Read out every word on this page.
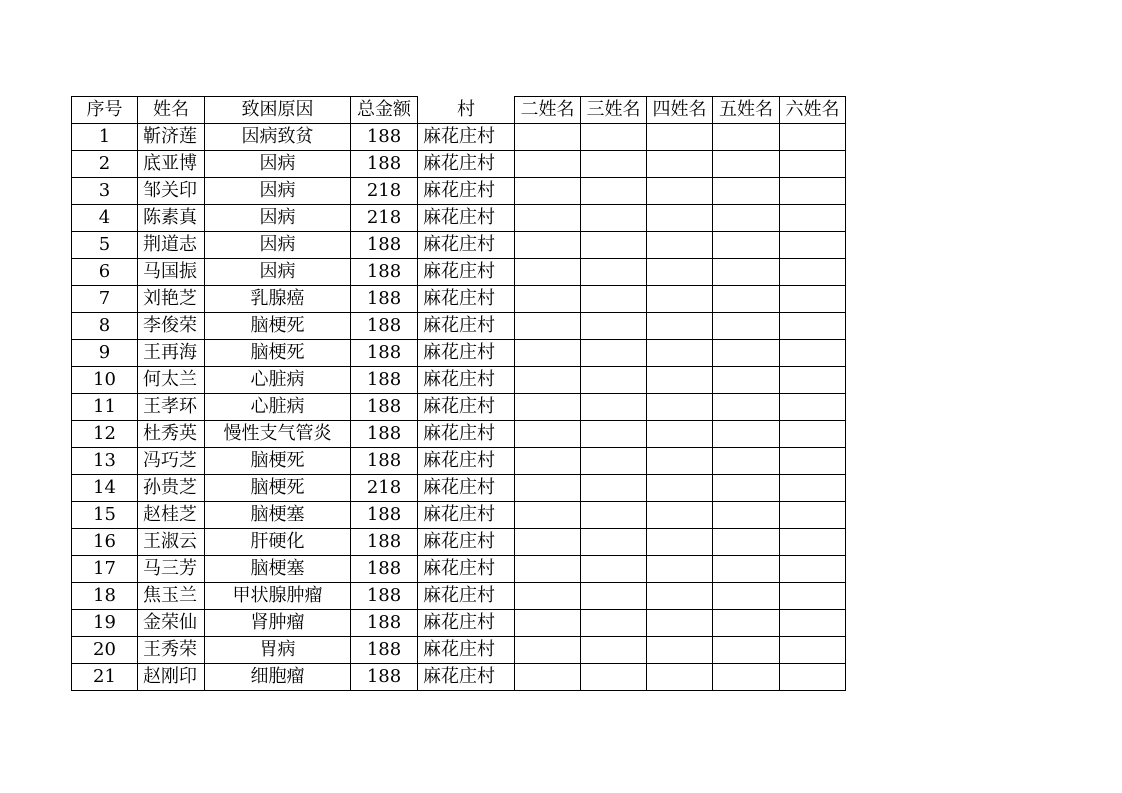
序号	姓名	致困原因	总金额	村	二姓名	三姓名	四姓名	五姓名	六姓名
1	靳济莲	因病致贫	188	麻花庄村					
2	底亚博	因病	188	麻花庄村					
3	邹关印	因病	218	麻花庄村					
4	陈素真	因病	218	麻花庄村					
5	荆道志	因病	188	麻花庄村					
6	马国振	因病	188	麻花庄村					
7	刘艳芝	乳腺癌	188	麻花庄村					
8	李俊荣	脑梗死	188	麻花庄村					
9	王再海	脑梗死	188	麻花庄村					
10	何太兰	心脏病	188	麻花庄村					
11	王孝环	心脏病	188	麻花庄村					
12	杜秀英	慢性支气管炎	188	麻花庄村					
13	冯巧芝	脑梗死	188	麻花庄村					
14	孙贵芝	脑梗死	218	麻花庄村					
15	赵桂芝	脑梗塞	188	麻花庄村					
16	王淑云	肝硬化	188	麻花庄村					
17	马三芳	脑梗塞	188	麻花庄村					
18	焦玉兰	甲状腺肿瘤	188	麻花庄村					
19	金荣仙	肾肿瘤	188	麻花庄村					
20	王秀荣	胃病	188	麻花庄村					
21	赵刚印	细胞瘤	188	麻花庄村					
